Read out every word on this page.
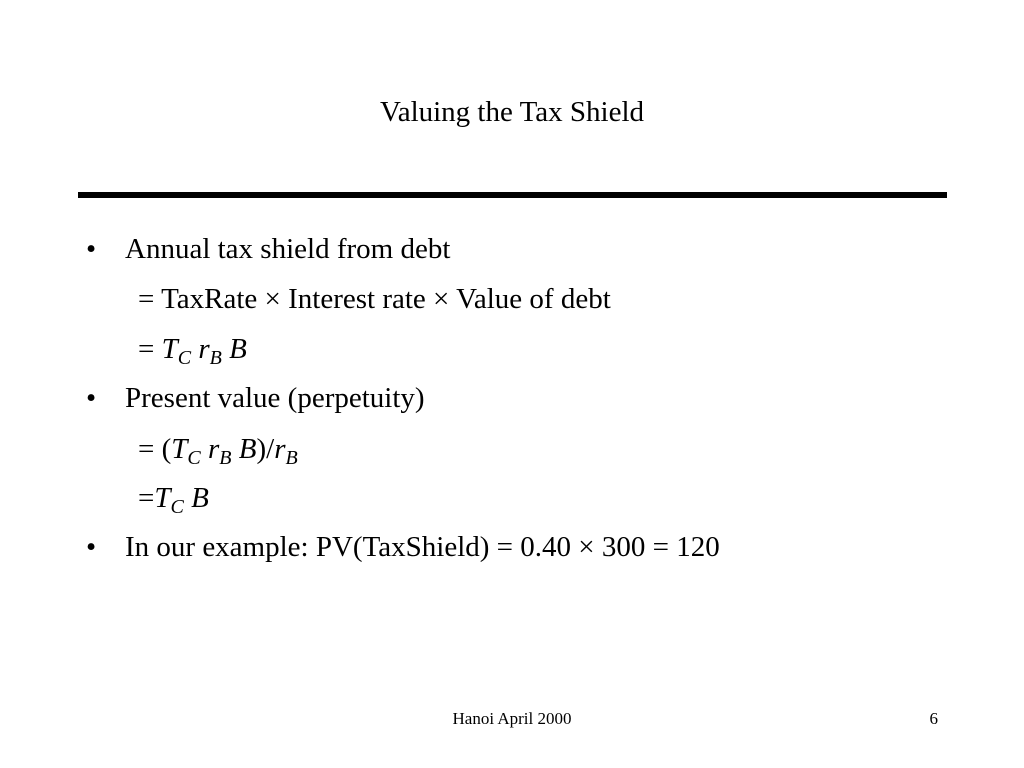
Valuing the Tax Shield
• Annual tax shield from debt
= TaxRate × Interest rate × Value of debt
= $T_C$ $r_B$ B
• Present value (perpetuity)
= ($T_C$ $r_B$ $B)/r_B$
$=T_C$ B
• In our example: PV(TaxShield) = 0.40 × 300 = 120
Hanoi April 2000	6
